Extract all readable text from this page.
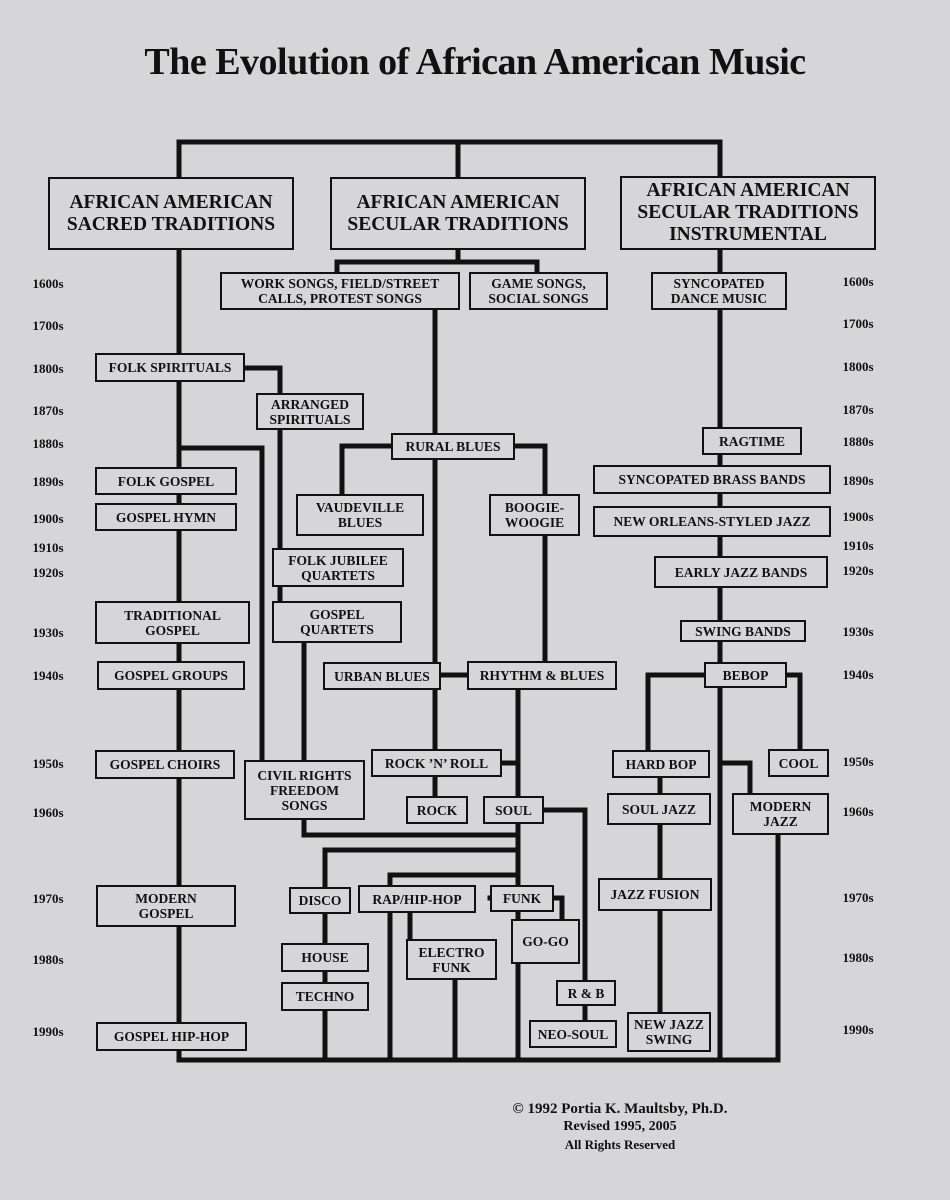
The Evolution of African American Music
AFRICAN AMERICAN
SACRED TRADITIONS
AFRICAN AMERICAN
SECULAR TRADITIONS
AFRICAN AMERICAN
SECULAR TRADITIONS
INSTRUMENTAL
WORK SONGS, FIELD/STREET
CALLS, PROTEST SONGS
GAME SONGS,
SOCIAL SONGS
SYNCOPATED
DANCE MUSIC
FOLK SPIRITUALS
ARRANGED
SPIRITUALS
RURAL BLUES	RAGTIME
FOLK GOSPEL
VAUDEVILLE
BLUES
BOOGIE-
WOOGIE
SYNCOPATED BRASS BANDS
GOSPEL HYMN	NEW ORLEANS-STYLED JAZZ
FOLK JUBILEE
QUARTETS	EARLY JAZZ BANDS
TRADITIONAL
GOSPEL
GOSPEL
QUARTETS	SWING BANDS
GOSPEL GROUPS	URBAN BLUES	RHYTHM & BLUES	BEBOP
GOSPEL CHOIRS
CIVIL RIGHTS
FREEDOM
SONGS
ROCK ’N’ ROLL	HARD BOP	COOL
ROCK	SOUL	SOUL JAZZ	MODERN
JAZZ
MODERN
GOSPEL
DISCO	RAP/HIP-HOP	FUNK	JAZZ FUSION
HOUSE	ELECTRO
FUNK
GO-GO
TECHNO	R & B
GOSPEL HIP-HOP	NEO-SOUL
NEW JAZZ
SWING
1600s
1700s
1800s
1870s
1880s
1890s
1900s
1910s
1920s
1930s
1940s
1950s
1960s
1970s
1980s
1990s
1600s
1700s
1800s
1870s
1880s
1890s
1900s
1910s
1920s
1930s
1940s
1950s
1960s
1970s
1980s
1990s
© 1992 Portia K. Maultsby, Ph.D.
Revised 1995, 2005
All Rights Reserved
